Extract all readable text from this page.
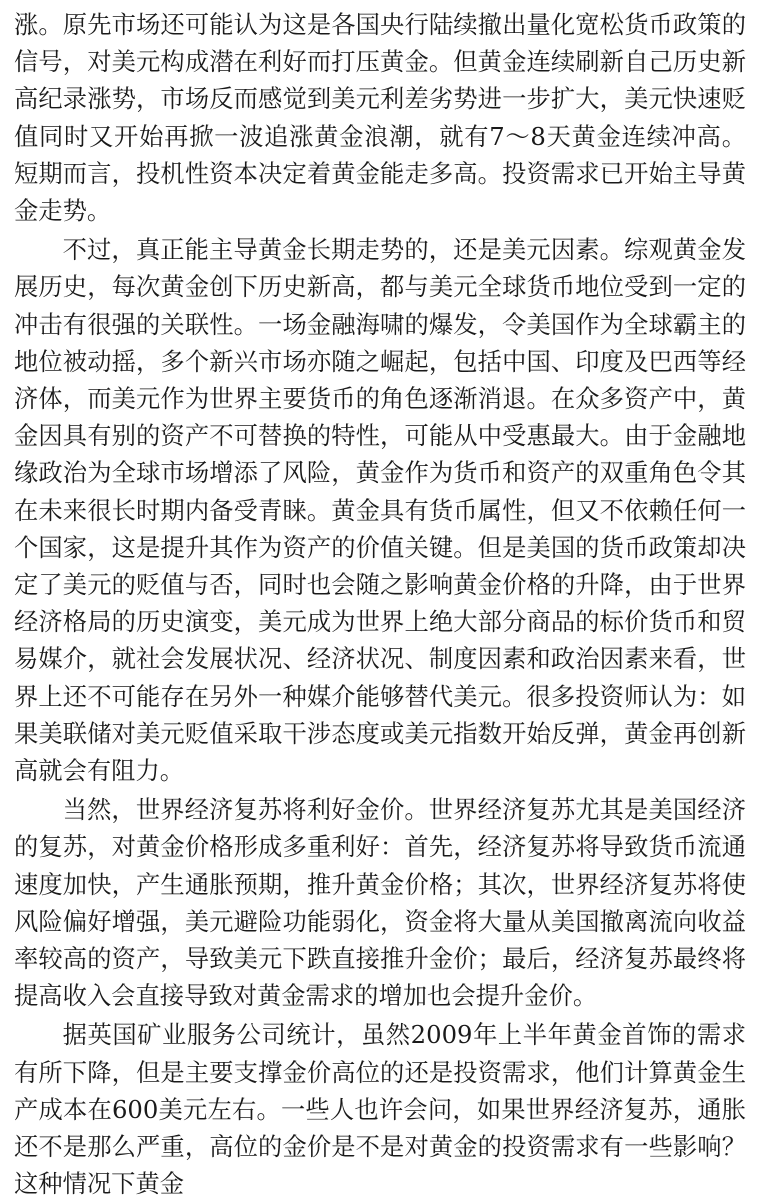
涨。原先市场还可能认为这是各国央行陆续撤出量化宽松货币政策的信号，对美元构成潜在利好而打压黄金。但黄金连续刷新自己历史新高纪录涨势，市场反而感觉到美元利差劣势进一步扩大，美元快速贬值同时又开始再掀一波追涨黄金浪潮，就有7～8天黄金连续冲高。短期而言，投机性资本决定着黄金能走多高。投资需求已开始主导黄金走势。

不过，真正能主导黄金长期走势的，还是美元因素。综观黄金发展历史，每次黄金创下历史新高，都与美元全球货币地位受到一定的冲击有很强的关联性。一场金融海啸的爆发，令美国作为全球霸主的地位被动摇，多个新兴市场亦随之崛起，包括中国、印度及巴西等经济体，而美元作为世界主要货币的角色逐渐消退。在众多资产中，黄金因具有别的资产不可替换的特性，可能从中受惠最大。由于金融地缘政治为全球市场增添了风险，黄金作为货币和资产的双重角色令其在未来很长时期内备受青睐。黄金具有货币属性，但又不依赖任何一个国家，这是提升其作为资产的价值关键。但是美国的货币政策却决定了美元的贬值与否，同时也会随之影响黄金价格的升降，由于世界经济格局的历史演变，美元成为世界上绝大部分商品的标价货币和贸易媒介，就社会发展状况、经济状况、制度因素和政治因素来看，世界上还不可能存在另外一种媒介能够替代美元。很多投资师认为：如果美联储对美元贬值采取干涉态度或美元指数开始反弹，黄金再创新高就会有阻力。

当然，世界经济复苏将利好金价。世界经济复苏尤其是美国经济的复苏，对黄金价格形成多重利好：首先，经济复苏将导致货币流通速度加快，产生通胀预期，推升黄金价格；其次，世界经济复苏将使风险偏好增强，美元避险功能弱化，资金将大量从美国撤离流向收益率较高的资产，导致美元下跌直接推升金价；最后，经济复苏最终将提高收入会直接导致对黄金需求的增加也会提升金价。

据英国矿业服务公司统计，虽然2009年上半年黄金首饰的需求有所下降，但是主要支撑金价高位的还是投资需求，他们计算黄金生产成本在600美元左右。一些人也许会问，如果世界经济复苏，通胀还不是那么严重，高位的金价是不是对黄金的投资需求有一些影响？这种情况下黄金
